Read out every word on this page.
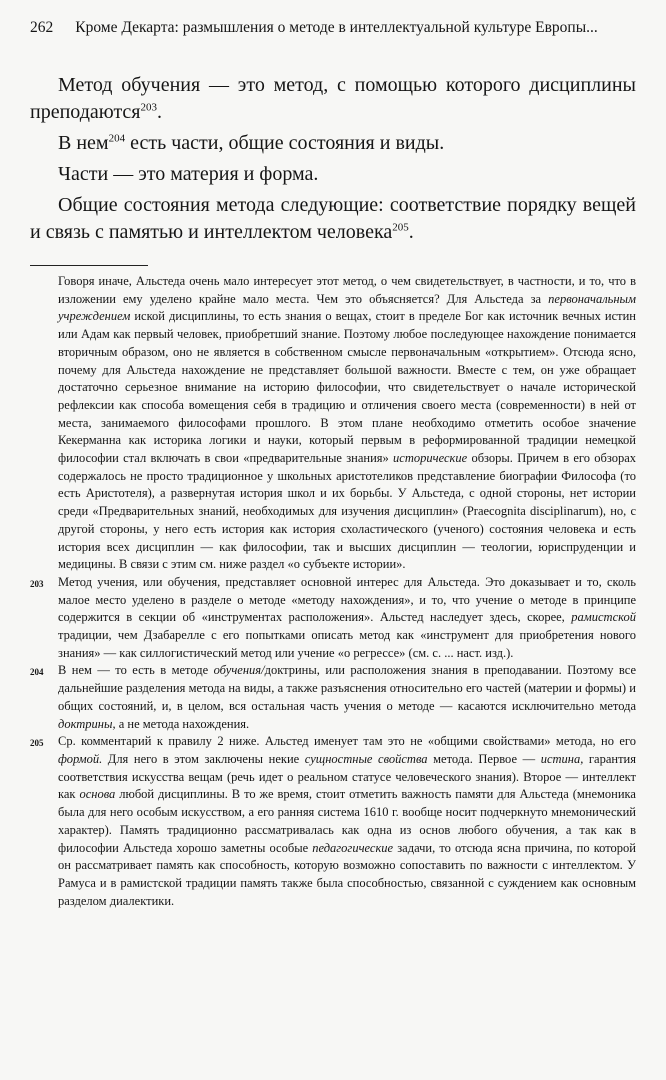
262 Кроме Декарта: размышления о методе в интеллектуальной культуре Европы...

Метод обучения — это метод, с помощью которого дисциплины преподаются$^{203}$.

В нем$^{204}$ есть части, общие состояния и виды.

Части — это материя и форма.

Общие состояния метода следующие: соответствие порядку вещей и связь с памятью и интеллектом человека$^{205}$.

Говоря иначе, Альстеда очень мало интересует этот метод, о чем свидетельствует, в частности, и то, что в изложении ему уделено крайне мало места. Чем это объясняется? Для Альстеда за первоначальным учреждением иской дисциплины, то есть знания о вещах, стоит в пределе Бог как источник вечных истин или Адам как первый человек, приобретший знание. Поэтому любое последующее нахождение понимается вторичным образом, оно не является в собственном смысле первоначальным «открытием». Отсюда ясно, почему для Альстеда нахождение не представляет большой важности. Вместе с тем, он уже обращает достаточно серьезное внимание на историю философии, что свидетельствует о начале исторической рефлексии как способа вомещения себя в традицию и отличения своего места (современности) в ней от места, занимаемого философами прошлого. В этом плане необходимо отметить особое значение Кекерманна как историка логики и науки, который первым в реформированной традиции немецкой философии стал включать в свои «предварительные знания» исторические обзоры. Причем в его обзорах содержалось не просто традиционное у школьных аристотеликов представление биографии Философа (то есть Аристотеля), а развернутая история школ и их борьбы. У Альстеда, с одной стороны, нет истории среди «Предварительных знаний, необходимых для изучения дисциплин» (Praecognita disciplinarum), но, с другой стороны, у него есть история как история схоластического (ученого) состояния человека и есть история всех дисциплин — как философии, так и высших дисциплин — теологии, юриспруденции и медицины. В связи с этим см. ниже раздел «о субъекте истории».
203	Метод учения, или обучения, представляет основной интерес для Альстеда. Это доказывает и то, сколь малое место уделено в разделе о методе «методу нахождения», и то, что учение о методе в принципе содержится в секции об «инструментах расположения». Альстед наследует здесь, скорее, рамистской традиции, чем Дзабарелле с его попытками описать метод как «инструмент для приобретения нового знания» — как силлогистический метод или учение «о регрессе» (см. с. ... наст. изд.).
204	В нем — то есть в методе обучения/доктрины, или расположения знания в преподавании. Поэтому все дальнейшие разделения метода на виды, а также разъяснения относительно его частей (материи и формы) и общих состояний, и, в целом, вся остальная часть учения о методе — касаются исключительно метода доктрины, а не метода нахождения.
205	Ср. комментарий к правилу 2 ниже. Альстед именует там это не «общими свойствами» метода, но его формой. Для него в этом заключены некие сущностные свойства метода. Первое — истина, гарантия соответствия искусства вещам (речь идет о реальном статусе человеческого знания). Второе — интеллект как основа любой дисциплины. В то же время, стоит отметить важность памяти для Альстеда (мнемоника была для него особым искусством, а его ранняя система 1610 г. вообще носит подчеркнуто мнемонический характер). Память традиционно рассматривалась как одна из основ любого обучения, а так как в философии Альстеда хорошо заметны особые педагогические задачи, то отсюда ясна причина, по которой он рассматривает память как способность, которую возможно сопоставить по важности с интеллектом. У Рамуса и в рамистской традиции память также была способностью, связанной с суждением как основным разделом диалектики.
